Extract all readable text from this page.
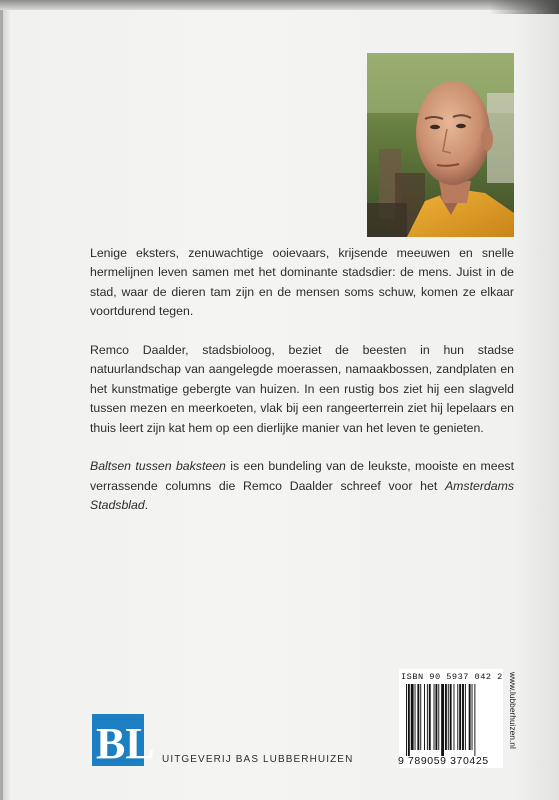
Lenige eksters, zenuwachtige ooievaars, krijsende meeuwen en snelle hermelijnen leven samen met het dominante stadsdier: de mens. Juist in de stad, waar de dieren tam zijn en de mensen soms schuw, komen ze elkaar voortdurend tegen.

Remco Daalder, stadsbioloog, beziet de beesten in hun stadse natuurlandschap van aangelegde moerassen, namaakbossen, zandplaten en het kunstmatige gebergte van huizen. In een rustig bos ziet hij een slagveld tussen mezen en meerkoeten, vlak bij een rangeerterrein ziet hij lepelaars en thuis leert zijn kat hem op een dierlijke manier van het leven te genieten.

Baltsen tussen baksteen is een bundeling van de leukste, mooiste en meest verrassende columns die Remco Daalder schreef voor het Amsterdams Stadsblad.

BL UITGEVERIJ BAS LUBBERHUIZEN
ISBN 90 5937 042 2
9 789059 370425
www.lubberhuizen.nl
